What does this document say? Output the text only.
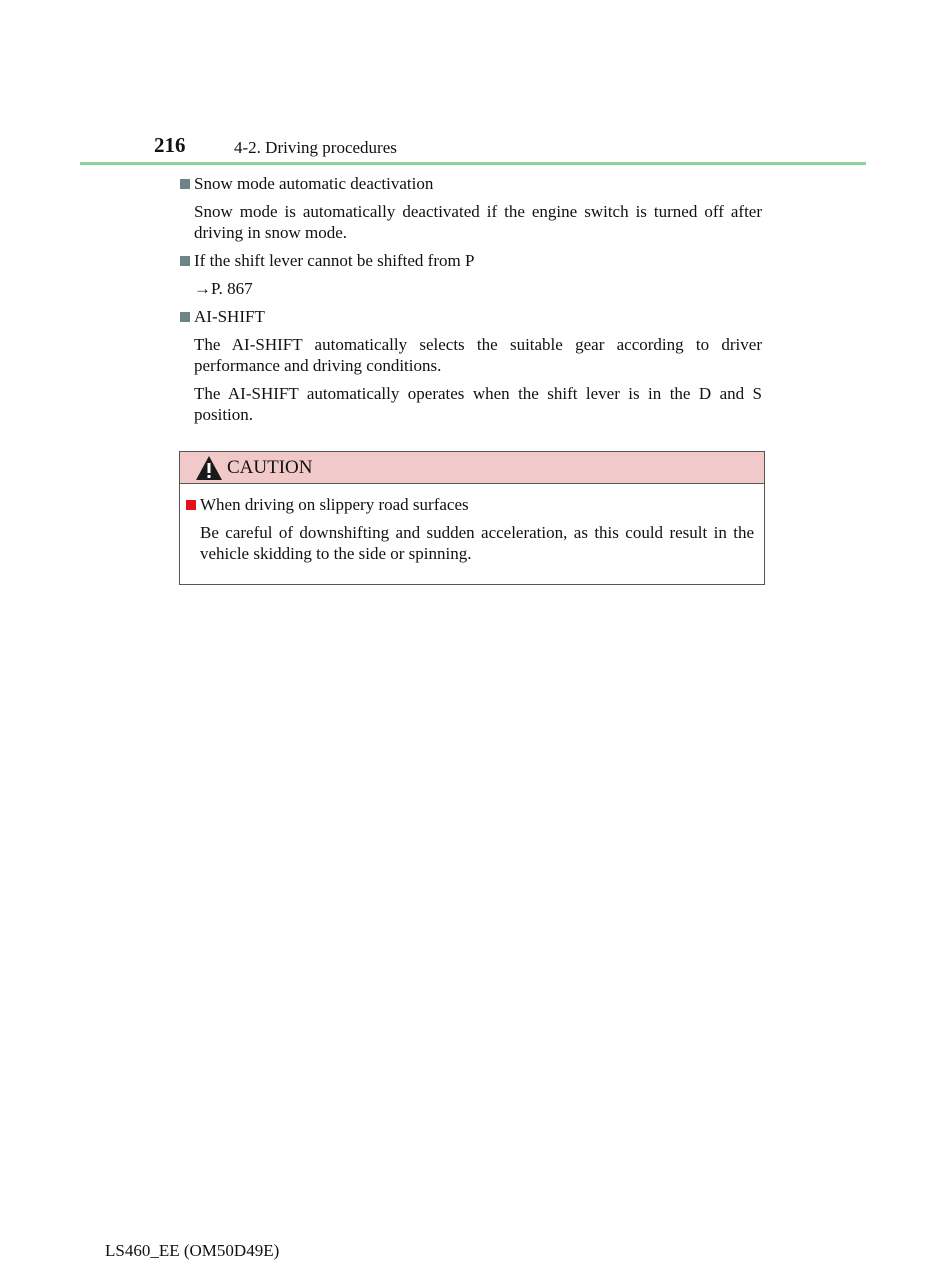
216	4-2. Driving procedures
Snow mode automatic deactivation
Snow mode is automatically deactivated if the engine switch is turned off after driving in snow mode.
If the shift lever cannot be shifted from P
→P. 867
AI-SHIFT
The AI-SHIFT automatically selects the suitable gear according to driver performance and driving conditions.
The AI-SHIFT automatically operates when the shift lever is in the D and S position.
CAUTION
When driving on slippery road surfaces
Be careful of downshifting and sudden acceleration, as this could result in the vehicle skidding to the side or spinning.
LS460_EE (OM50D49E)
